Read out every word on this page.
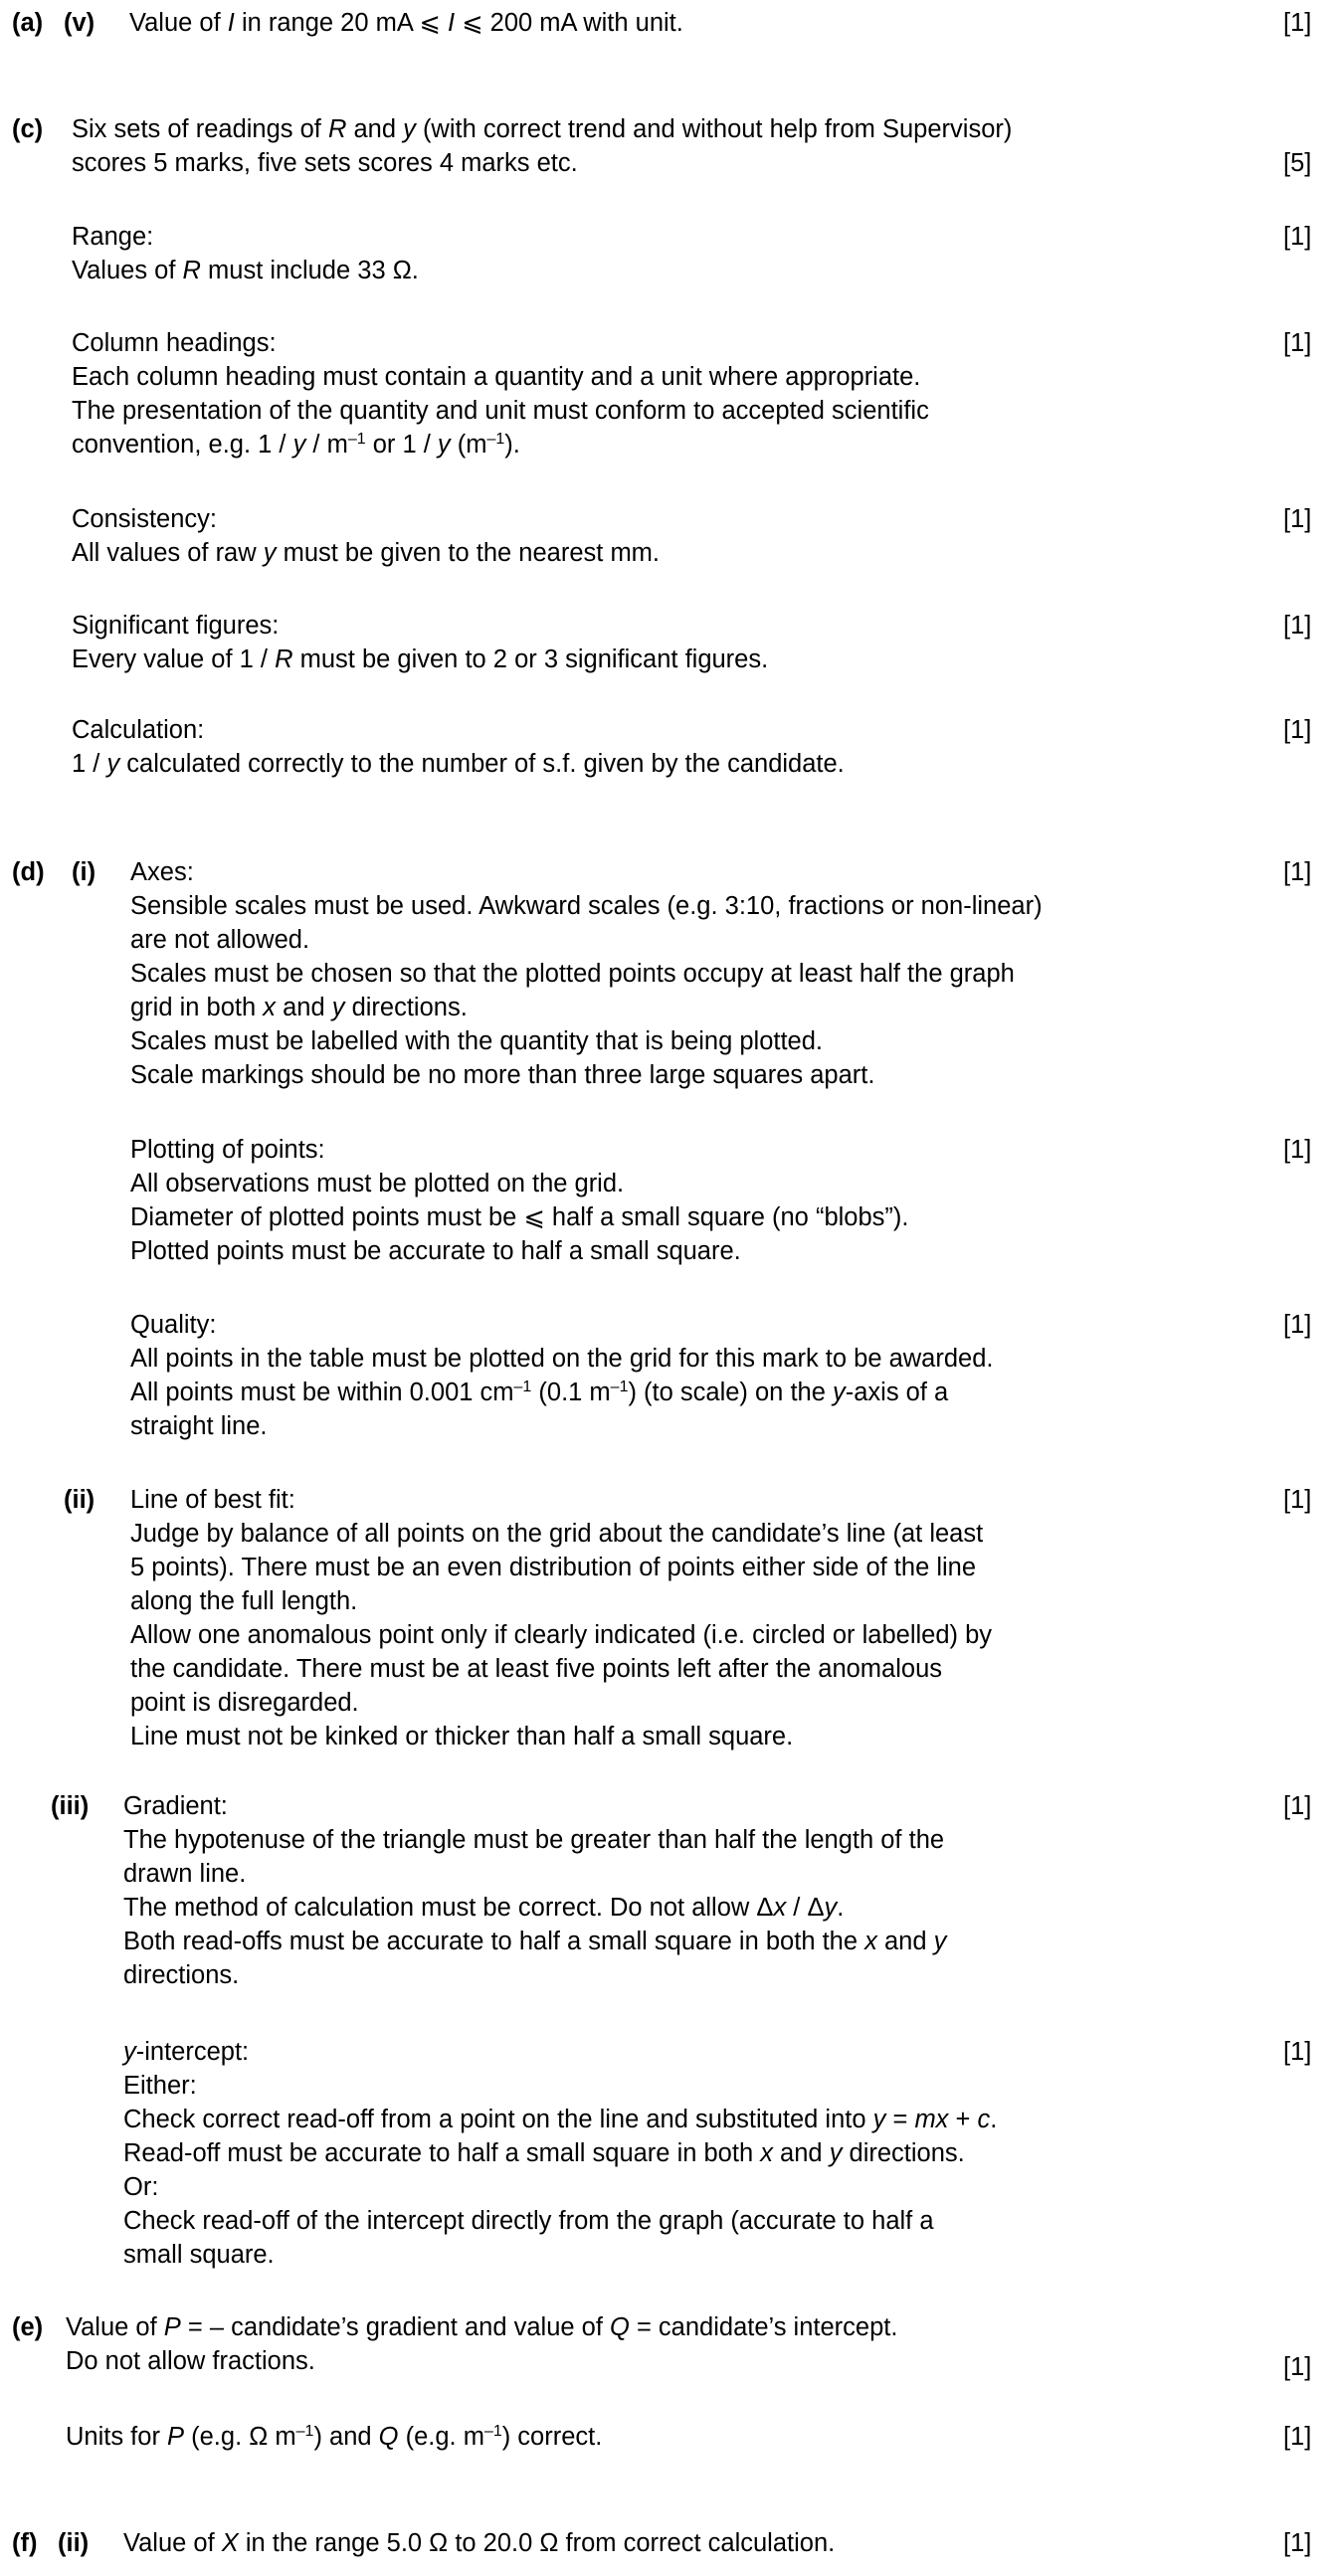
(a) (v) Value of I in range 20 mA ⩽ I ⩽ 200 mA with unit.	[1]
(c) Six sets of readings of R and y (with correct trend and without help from Supervisor)
scores 5 marks, five sets scores 4 marks etc.	[5]
Range:	[1]
Values of R must include 33 Ω.
Column headings:	[1]
Each column heading must contain a quantity and a unit where appropriate.
The presentation of the quantity and unit must conform to accepted scientific
convention, e.g. 1 / y / $m^{-1}$ or 1 / y $(m^{-1})$.
Consistency:	[1]
All values of raw y must be given to the nearest mm.
Significant figures:	[1]
Every value of 1 / R must be given to 2 or 3 significant figures.
Calculation:	[1]
1 / y calculated correctly to the number of s.f. given by the candidate.
(d) (i) Axes:	[1]
Sensible scales must be used. Awkward scales (e.g. 3:10, fractions or non-linear)
are not allowed.
Scales must be chosen so that the plotted points occupy at least half the graph
grid in both x and y directions.
Scales must be labelled with the quantity that is being plotted.
Scale markings should be no more than three large squares apart.
Plotting of points:	[1]
All observations must be plotted on the grid.
Diameter of plotted points must be ⩽ half a small square (no “blobs”).
Plotted points must be accurate to half a small square.
Quality:	[1]
All points in the table must be plotted on the grid for this mark to be awarded.
All points must be within 0.001 $cm^{-1}$ (0.1 $m^{-1}$) (to scale) on the y-axis of a
straight line.
(ii) Line of best fit:	[1]
Judge by balance of all points on the grid about the candidate’s line (at least
5 points). There must be an even distribution of points either side of the line
along the full length.
Allow one anomalous point only if clearly indicated (i.e. circled or labelled) by
the candidate. There must be at least five points left after the anomalous
point is disregarded.
Line must not be kinked or thicker than half a small square.
(iii) Gradient:	[1]
The hypotenuse of the triangle must be greater than half the length of the
drawn line.
The method of calculation must be correct. Do not allow Δx / Δy.
Both read-offs must be accurate to half a small square in both the x and y
directions.
y-intercept:	[1]
Either:
Check correct read-off from a point on the line and substituted into y = mx + c.
Read-off must be accurate to half a small square in both x and y directions.
Or:
Check read-off of the intercept directly from the graph (accurate to half a
small square.
(e) Value of P = – candidate’s gradient and value of Q = candidate’s intercept.
Do not allow fractions.	[1]
Units for P (e.g. Ω $m^{-1}$) and Q (e.g. $m^{-1}$) correct.	[1]
(f) (ii) Value of X in the range 5.0 Ω to 20.0 Ω from correct calculation.	[1]
